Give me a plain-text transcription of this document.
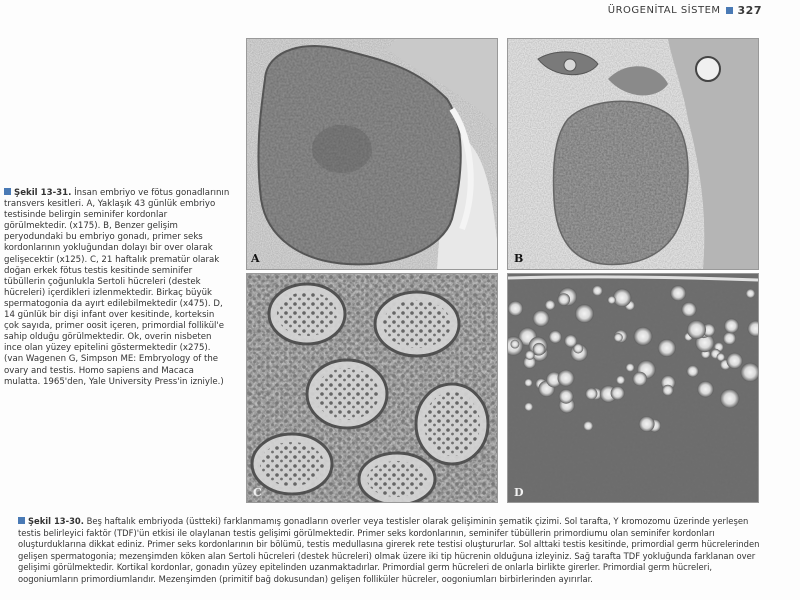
ÜROGENİTAL SİSTEM 327
Şekil 13-31. İnsan embriyo ve fötus gonadlarının transvers kesitleri. A, Yaklaşık 43 günlük embriyo testisinde belirgin seminifer kordonlar görülmektedir. (x175). B, Benzer gelişim peryodundaki bu embriyo gonadı, primer seks kordonlarının yokluğundan dolayı bir over olarak gelişecektir (x125). C, 21 haftalık prematür olarak doğan erkek fötus testis kesitinde seminifer tübüllerin çoğunlukla Sertoli hücreleri (destek hücreleri) içerdikleri izlenmektedir. Birkaç büyük spermatogonia da ayırt edilebilmektedir (x475). D, 14 günlük bir dişi infant over kesitinde, korteksin çok sayıda, primer oosit içeren, primordial follikül'e sahip olduğu görülmektedir. Ok, overin nisbeten ince olan yüzey epitelini göstermektedir (x275). (van Wagenen G, Simpson ME: Embryology of the ovary and testis. Homo sapiens and Macaca mulatta. 1965'den, Yale University Press'in izniyle.)
A	B
C	D
Şekil 13-30. Beş haftalık embriyoda (üstteki) farklanmamış gonadların overler veya testisler olarak gelişiminin şematik çizimi. Sol tarafta, Y kromozomu üzerinde yerleşen testis belirleyici faktör (TDF)'ün etkisi ile olaylanan testis gelişimi görülmektedir. Primer seks kordonlarının, seminifer tübüllerin primordiumu olan seminifer kordonları oluşturduklarına dikkat ediniz. Primer seks kordonlarının bir bölümü, testis medullasına girerek rete testisi oluştururlar. Sol alttaki testis kesitinde, primordial germ hücrelerinden gelişen spermatogonia; mezenşimden köken alan Sertoli hücreleri (destek hücreleri) olmak üzere iki tip hücrenin olduğuna izleyiniz. Sağ tarafta TDF yokluğunda farklanan over gelişimi görülmektedir. Kortikal kordonlar, gonadın yüzey epitelinden uzanmaktadırlar. Primordial germ hücreleri de onlarla birlikte girerler. Primordial germ hücreleri, oogoniumların primordiumlarıdır. Mezenşimden (primitif bağ dokusundan) gelişen folliküler hücreler, oogoniumları birbirlerinden ayırırlar.
